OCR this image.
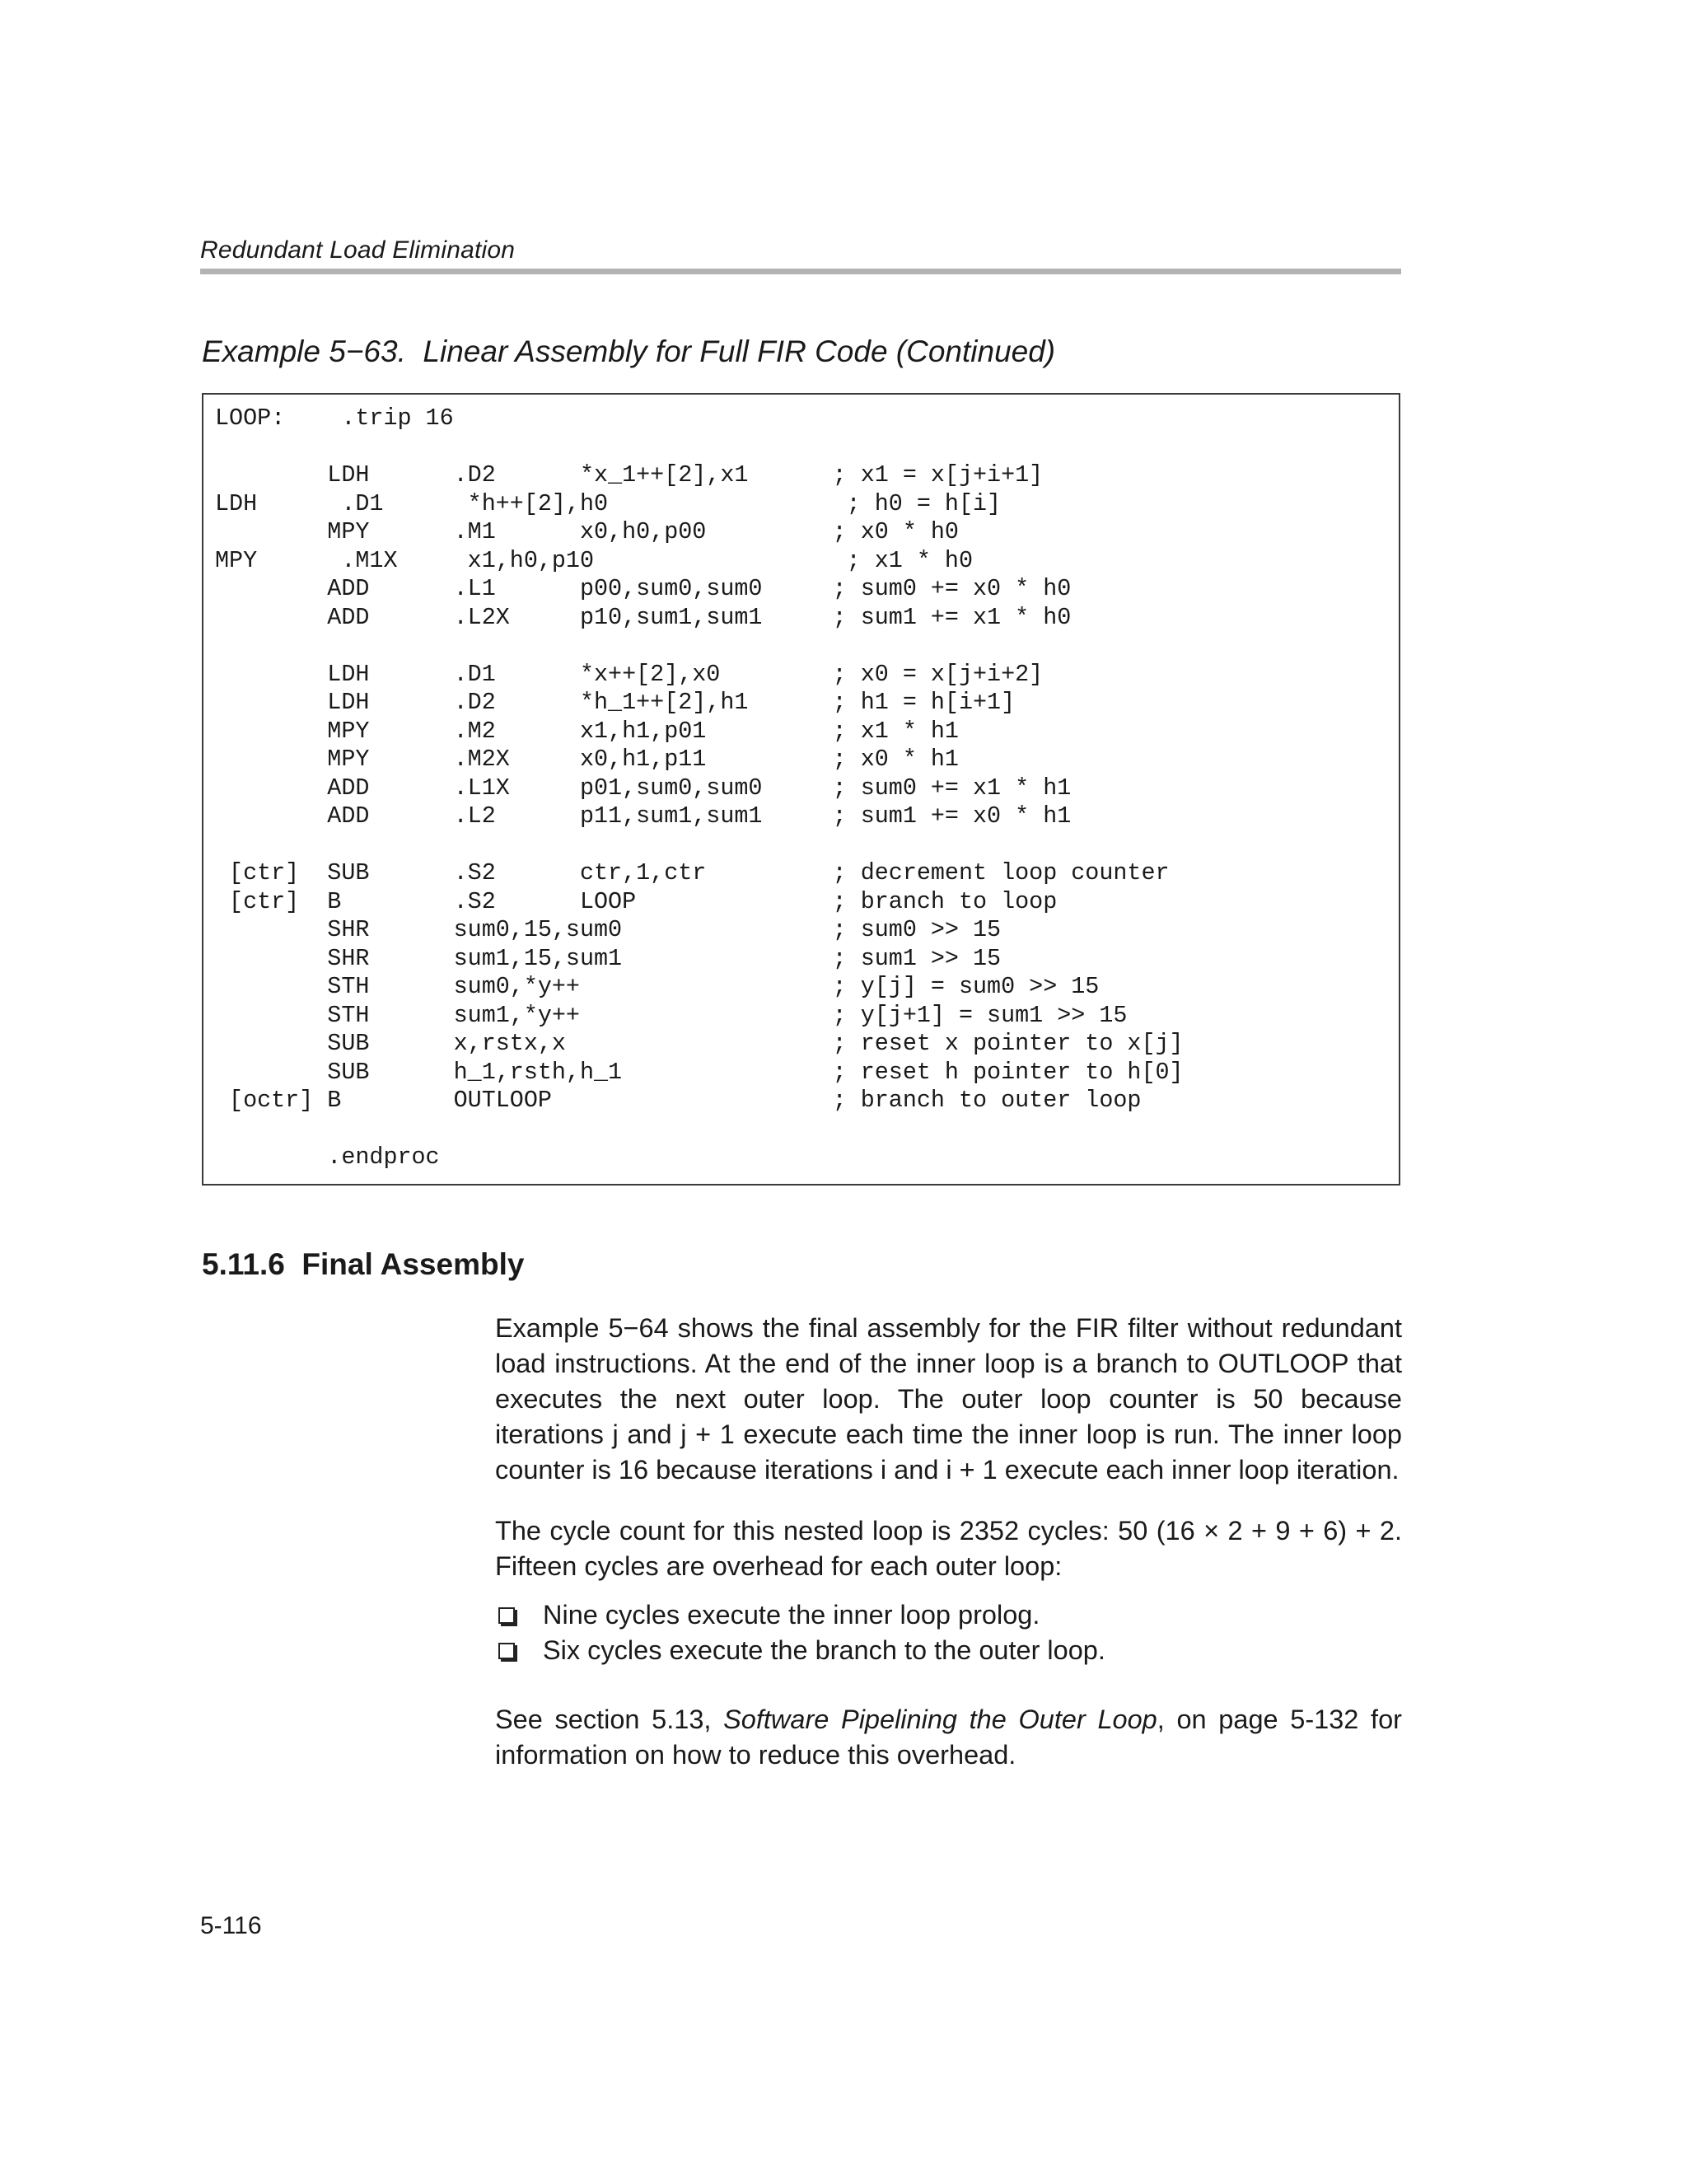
Redundant Load Elimination
Example 5−63.  Linear Assembly for Full FIR Code (Continued)
LOOP:    .trip 16
LDH      .D2      *x_1++[2],x1      ; x1 = x[j+i+1]
LDH      .D1      *h++[2],h0                 ; h0 = h[i]
MPY      .M1      x0,h0,p00         ; x0 * h0
MPY      .M1X     x1,h0,p10                  ; x1 * h0
ADD      .L1      p00,sum0,sum0     ; sum0 += x0 * h0
ADD      .L2X     p10,sum1,sum1     ; sum1 += x1 * h0
LDH      .D1      *x++[2],x0        ; x0 = x[j+i+2]
LDH      .D2      *h_1++[2],h1      ; h1 = h[i+1]
MPY      .M2      x1,h1,p01         ; x1 * h1
MPY      .M2X     x0,h1,p11         ; x0 * h1
ADD      .L1X     p01,sum0,sum0     ; sum0 += x1 * h1
ADD      .L2      p11,sum1,sum1     ; sum1 += x0 * h1
[ctr]  SUB      .S2      ctr,1,ctr         ; decrement loop counter
[ctr]  B        .S2      LOOP              ; branch to loop
SHR      sum0,15,sum0               ; sum0 >> 15
SHR      sum1,15,sum1               ; sum1 >> 15
STH      sum0,*y++                  ; y[j] = sum0 >> 15
STH      sum1,*y++                  ; y[j+1] = sum1 >> 15
SUB      x,rstx,x                   ; reset x pointer to x[j]
SUB      h_1,rsth,h_1               ; reset h pointer to h[0]
[octr] B        OUTLOOP                    ; branch to outer loop
.endproc
5.11.6  Final Assembly
Example 5−64 shows the final assembly for the FIR filter without redundant load instructions. At the end of the inner loop is a branch to OUTLOOP that executes the next outer loop. The outer loop counter is 50 because iterations j and j + 1 execute each time the inner loop is run. The inner loop counter is 16 because iterations i and i + 1 execute each inner loop iteration.
The cycle count for this nested loop is 2352 cycles: 50 (16 × 2 + 9 + 6) + 2. Fifteen cycles are overhead for each outer loop:
Nine cycles execute the inner loop prolog.
Six cycles execute the branch to the outer loop.
See section 5.13, Software Pipelining the Outer Loop, on page 5-132 for information on how to reduce this overhead.
5-116
